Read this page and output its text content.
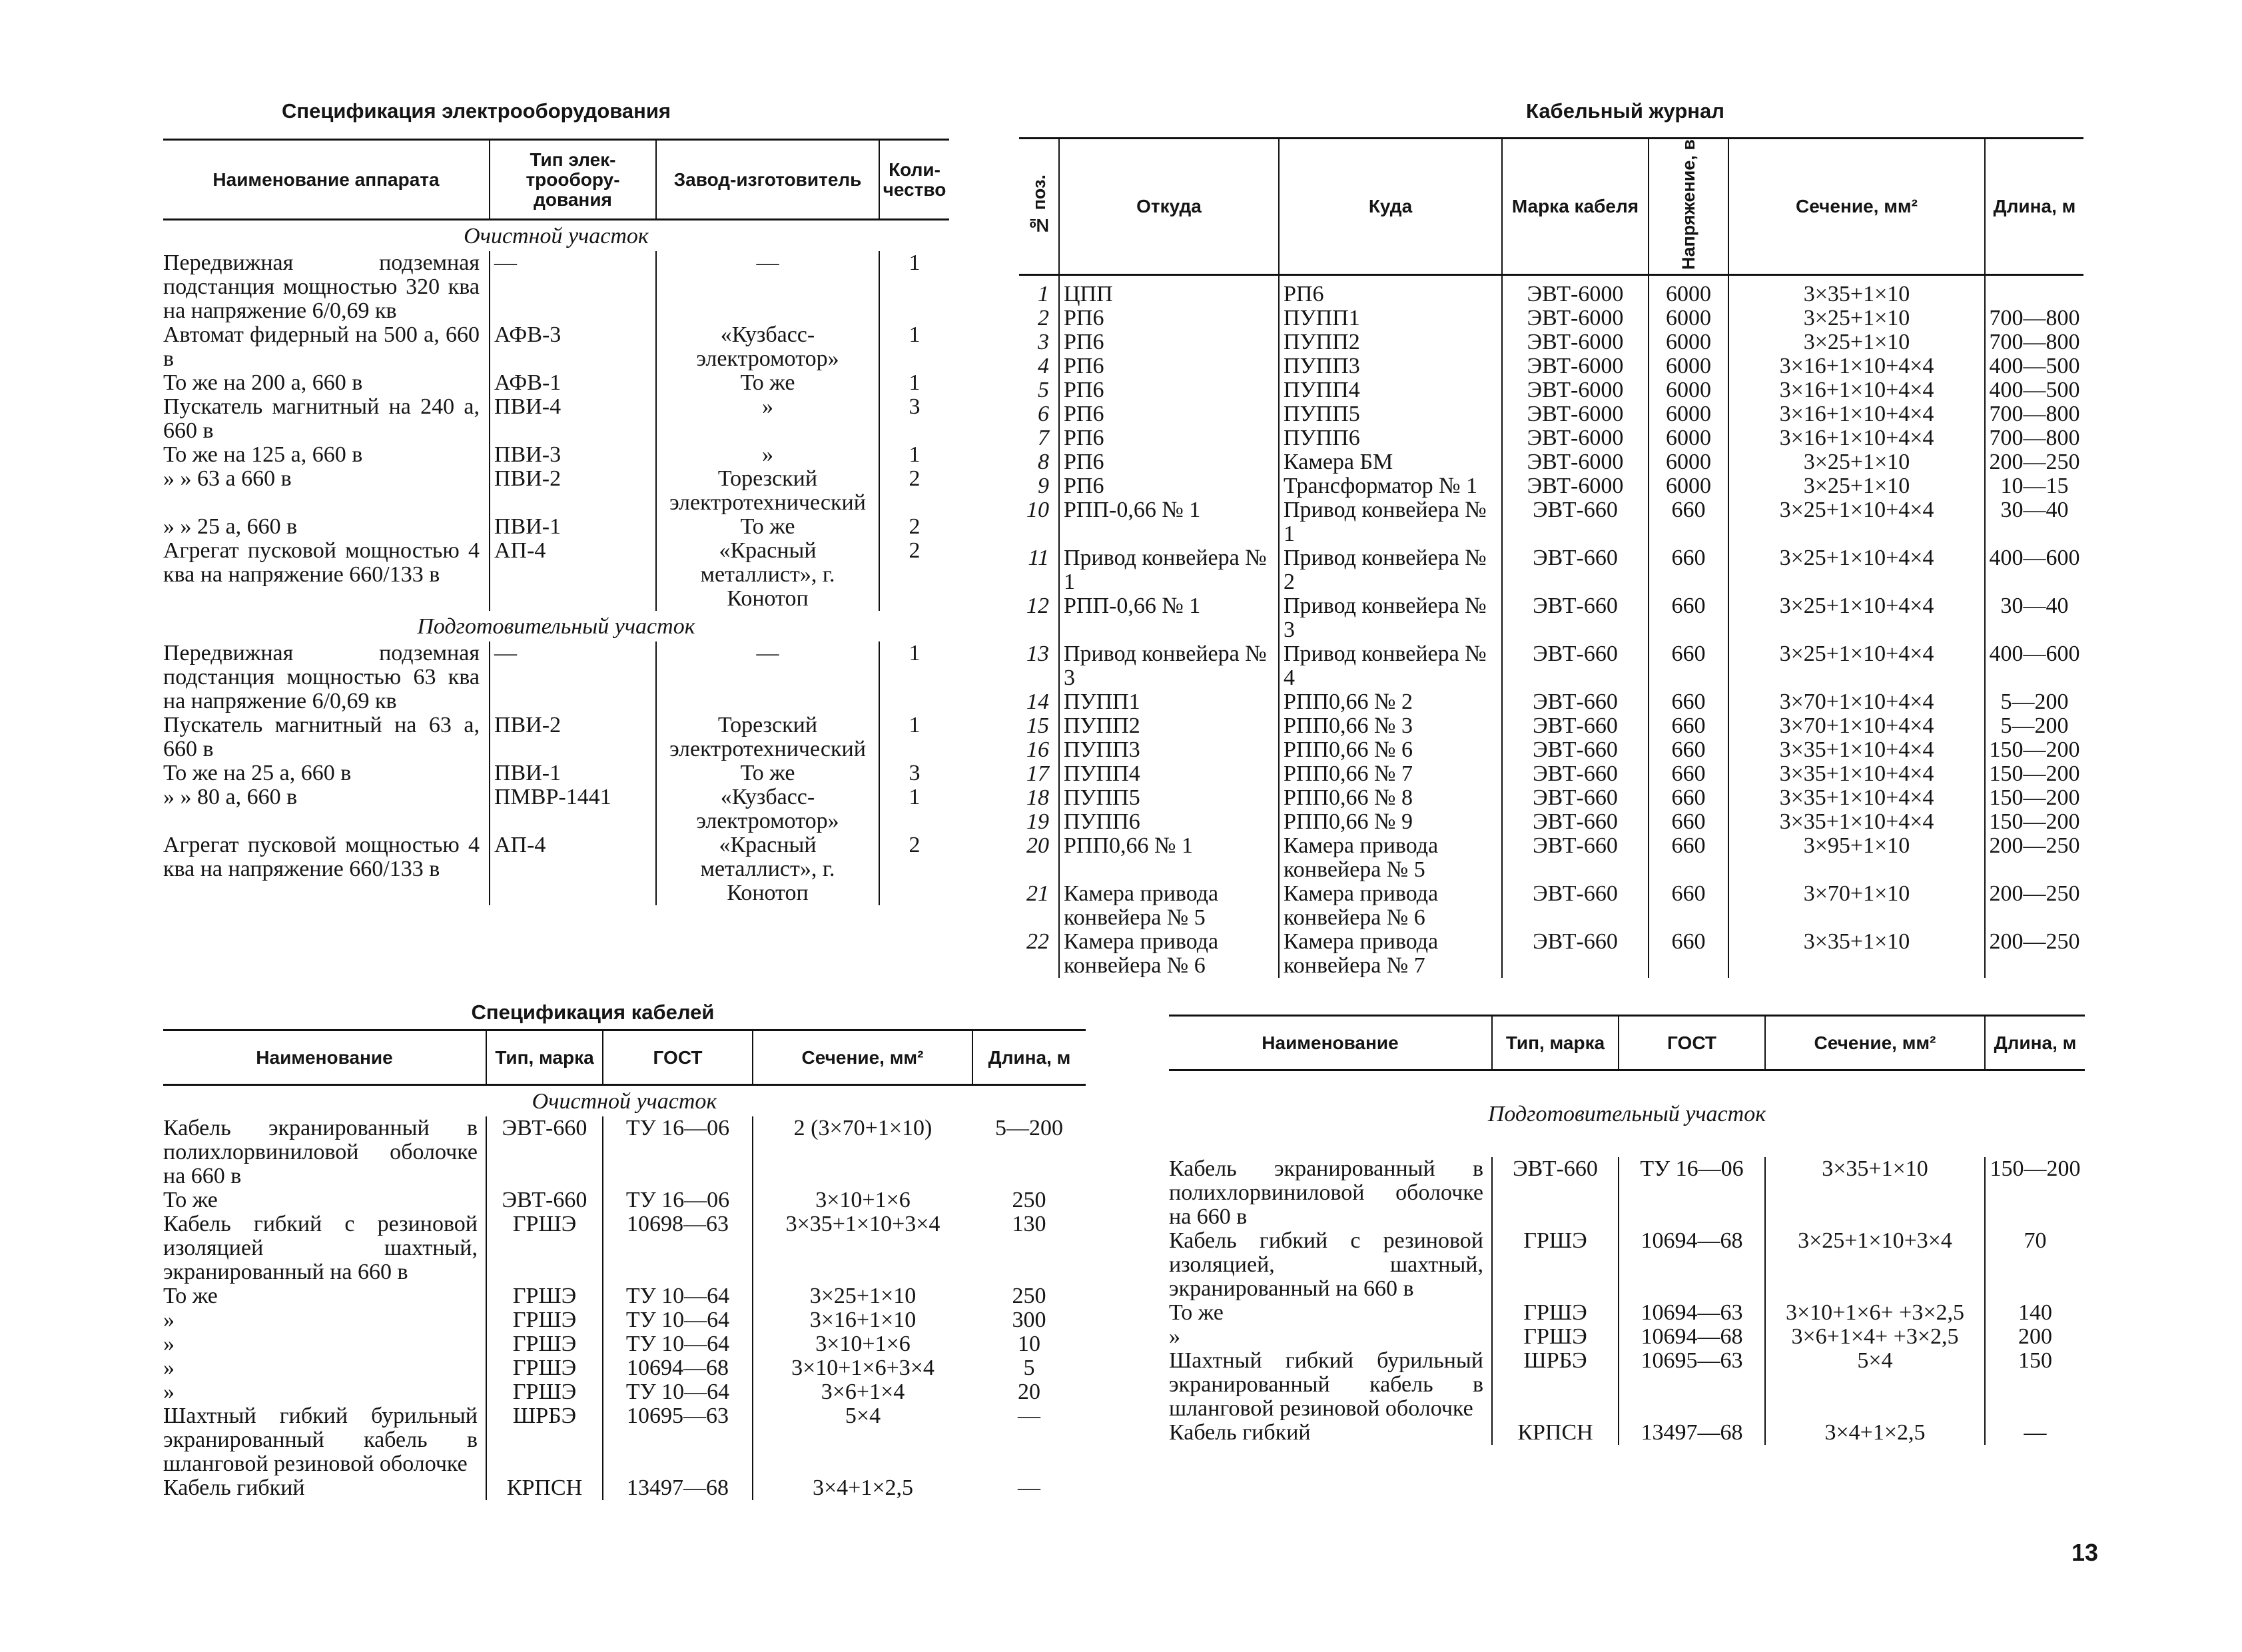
Спецификация электрооборудования
Наименование аппарата	Тип элек-трообору-дования	Завод-изготовитель	Коли-чество
Очистной участок			
Передвижная подземная подстанция мощностью 320 ква на напряжение 6/0,69 кв	—	—	1
Автомат фидерный на 500 а, 660 в	АФВ-3	«Кузбасс-электромотор»	1
То же на 200 а, 660 в	АФВ-1	То же	1
Пускатель магнитный на 240 а, 660 в	ПВИ-4	»	3
То же на 125 а, 660 в	ПВИ-3	»	1
» » 63 а 660 в	ПВИ-2	Торезский электротехнический	2
» » 25 а, 660 в	ПВИ-1	То же	2
Агрегат пусковой мощностью 4 ква на напряжение 660/133 в	АП-4	«Красный металлист», г. Конотоп	2
Подготовительный участок			
Передвижная подземная подстанция мощностью 63 ква на напряжение 6/0,69 кв	—	—	1
Пускатель магнитный на 63 а, 660 в	ПВИ-2	Торезский электротехнический	1
То же на 25 а, 660 в	ПВИ-1	То же	3
» » 80 а, 660 в	ПМВР-1441	«Кузбасс-электромотор»	1
Агрегат пусковой мощностью 4 ква на напряжение 660/133 в	АП-4	«Красный металлист», г. Конотоп	2
Спецификация кабелей
Наименование	Тип, марка	ГОСТ	Сечение, мм²	Длина, м
Очистной участок				
Кабель экранированный в полихлорвиниловой оболочке на 660 в	ЭВТ-660	ТУ 16—06	2 (3×70+1×10)	5—200
То же	ЭВТ-660	ТУ 16—06	3×10+1×6	250
Кабель гибкий с резиновой изоляцией шахтный, экранированный на 660 в	ГРШЭ	10698—63	3×35+1×10+3×4	130
То же	ГРШЭ	ТУ 10—64	3×25+1×10	250
»	ГРШЭ	ТУ 10—64	3×16+1×10	300
»	ГРШЭ	ТУ 10—64	3×10+1×6	10
»	ГРШЭ	10694—68	3×10+1×6+3×4	5
»	ГРШЭ	ТУ 10—64	3×6+1×4	20
Шахтный гибкий бурильный экранированный кабель в шланговой резиновой оболочке	ШРБЭ	10695—63	5×4	—
Кабель гибкий	КРПСН	13497—68	3×4+1×2,5	—
Кабельный журнал
№ поз.	Откуда	Куда	Марка кабеля	Напряжение, в	Сечение, мм²	Длина, м
1	ЦПП	РП6	ЭВТ-6000	6000	3×35+1×10	
2	РП6	ПУПП1	ЭВТ-6000	6000	3×25+1×10	700—800
3	РП6	ПУПП2	ЭВТ-6000	6000	3×25+1×10	700—800
4	РП6	ПУПП3	ЭВТ-6000	6000	3×16+1×10+4×4	400—500
5	РП6	ПУПП4	ЭВТ-6000	6000	3×16+1×10+4×4	400—500
6	РП6	ПУПП5	ЭВТ-6000	6000	3×16+1×10+4×4	700—800
7	РП6	ПУПП6	ЭВТ-6000	6000	3×16+1×10+4×4	700—800
8	РП6	Камера БМ	ЭВТ-6000	6000	3×25+1×10	200—250
9	РП6	Трансформатор № 1	ЭВТ-6000	6000	3×25+1×10	10—15
10	РПП-0,66 № 1	Привод конвейера № 1	ЭВТ-660	660	3×25+1×10+4×4	30—40
11	Привод конвейера № 1	Привод конвейера № 2	ЭВТ-660	660	3×25+1×10+4×4	400—600
12	РПП-0,66 № 1	Привод конвейера № 3	ЭВТ-660	660	3×25+1×10+4×4	30—40
13	Привод конвейера № 3	Привод конвейера № 4	ЭВТ-660	660	3×25+1×10+4×4	400—600
14	ПУПП1	РПП0,66 № 2	ЭВТ-660	660	3×70+1×10+4×4	5—200
15	ПУПП2	РПП0,66 № 3	ЭВТ-660	660	3×70+1×10+4×4	5—200
16	ПУПП3	РПП0,66 № 6	ЭВТ-660	660	3×35+1×10+4×4	150—200
17	ПУПП4	РПП0,66 № 7	ЭВТ-660	660	3×35+1×10+4×4	150—200
18	ПУПП5	РПП0,66 № 8	ЭВТ-660	660	3×35+1×10+4×4	150—200
19	ПУПП6	РПП0,66 № 9	ЭВТ-660	660	3×35+1×10+4×4	150—200
20	РПП0,66 № 1	Камера привода конвейера № 5	ЭВТ-660	660	3×95+1×10	200—250
21	Камера привода конвейера № 5	Камера привода конвейера № 6	ЭВТ-660	660	3×70+1×10	200—250
22	Камера привода конвейера № 6	Камера привода конвейера № 7	ЭВТ-660	660	3×35+1×10	200—250
Наименование	Тип, марка	ГОСТ	Сечение, мм²	Длина, м
Подготовительный участок				
Кабель экранированный в полихлорвиниловой оболочке на 660 в	ЭВТ-660	ТУ 16—06	3×35+1×10	150—200
Кабель гибкий с резиновой изоляцией, шахтный, экранированный на 660 в	ГРШЭ	10694—68	3×25+1×10+3×4	70
То же	ГРШЭ	10694—63	3×10+1×6+ +3×2,5	140
»	ГРШЭ	10694—68	3×6+1×4+ +3×2,5	200
Шахтный гибкий бурильный экранированный кабель в шланговой резиновой оболочке	ШРБЭ	10695—63	5×4	150
Кабель гибкий	КРПСН	13497—68	3×4+1×2,5	—
13
